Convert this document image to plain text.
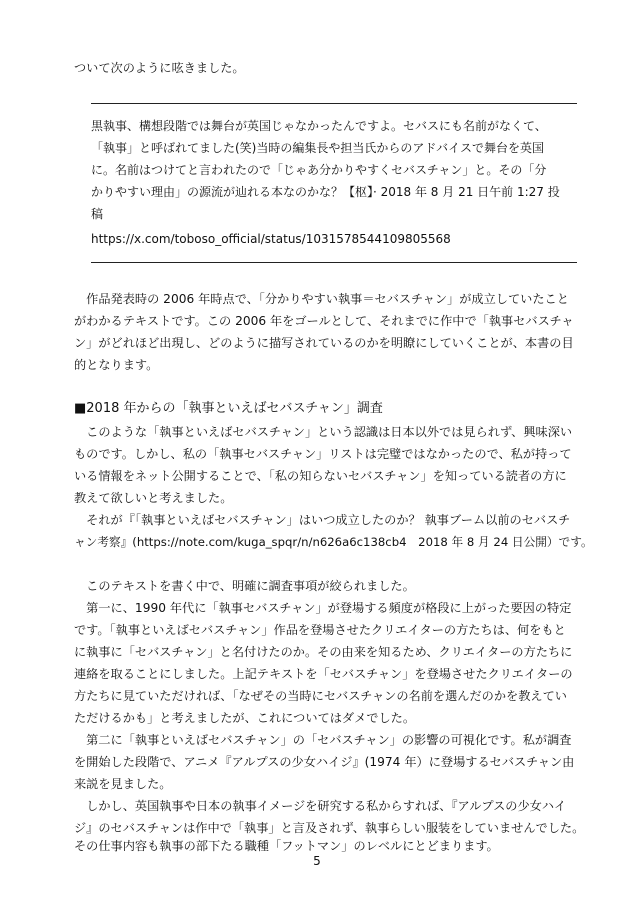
ついて次のように呟きました。
黒執事、構想段階では舞台が英国じゃなかったんですよ。セバスにも名前がなくて、
「執事」と呼ばれてました(笑)当時の編集長や担当氏からのアドバイスで舞台を英国
に。名前はつけてと言われたので「じゃあ分かりやすくセバスチャン」と。その「分
かりやすい理由」の源流が辿れる本なのかな？【枢】· 2018 年 8 月 21 日午前 1:27 投
稿
https://x.com/toboso_official/status/1031578544109805568
　作品発表時の 2006 年時点で、「分かりやすい執事＝セバスチャン」が成立していたこと
がわかるテキストです。この 2006 年をゴールとして、それまでに作中で「執事セバスチャ
ン」がどれほど出現し、どのように描写されているのかを明瞭にしていくことが、本書の目
的となります。
■2018 年からの「執事といえばセバスチャン」調査
　このような「執事といえばセバスチャン」という認識は日本以外では見られず、興味深い
ものです。しかし、私の「執事セバスチャン」リストは完璧ではなかったので、私が持って
いる情報をネット公開することで、「私の知らないセバスチャン」を知っている読者の方に
教えて欲しいと考えました。
　それが『「執事といえばセバスチャン」はいつ成立したのか？ 執事ブーム以前のセバスチ
ャン考察』(https://note.com/kuga_spqr/n/n626a6c138cb4　2018 年 8 月 24 日公開）です。
　このテキストを書く中で、明確に調査事項が絞られました。
　第一に、1990 年代に「執事セバスチャン」が登場する頻度が格段に上がった要因の特定
です。「執事といえばセバスチャン」作品を登場させたクリエイターの方たちは、何をもと
に執事に「セバスチャン」と名付けたのか。その由来を知るため、クリエイターの方たちに
連絡を取ることにしました。上記テキストを「セバスチャン」を登場させたクリエイターの
方たちに見ていただければ、「なぜその当時にセバスチャンの名前を選んだのかを教えてい
ただけるかも」と考えましたが、これについてはダメでした。
　第二に「執事といえばセバスチャン」の「セバスチャン」の影響の可視化です。私が調査
を開始した段階で、アニメ『アルプスの少女ハイジ』(1974 年）に登場するセバスチャン由
来説を見ました。
　しかし、英国執事や日本の執事イメージを研究する私からすれば、『アルプスの少女ハイ
ジ』のセバスチャンは作中で「執事」と言及されず、執事らしい服装をしていませんでした。
その仕事内容も執事の部下たる職種「フットマン」のレベルにとどまります。
5
